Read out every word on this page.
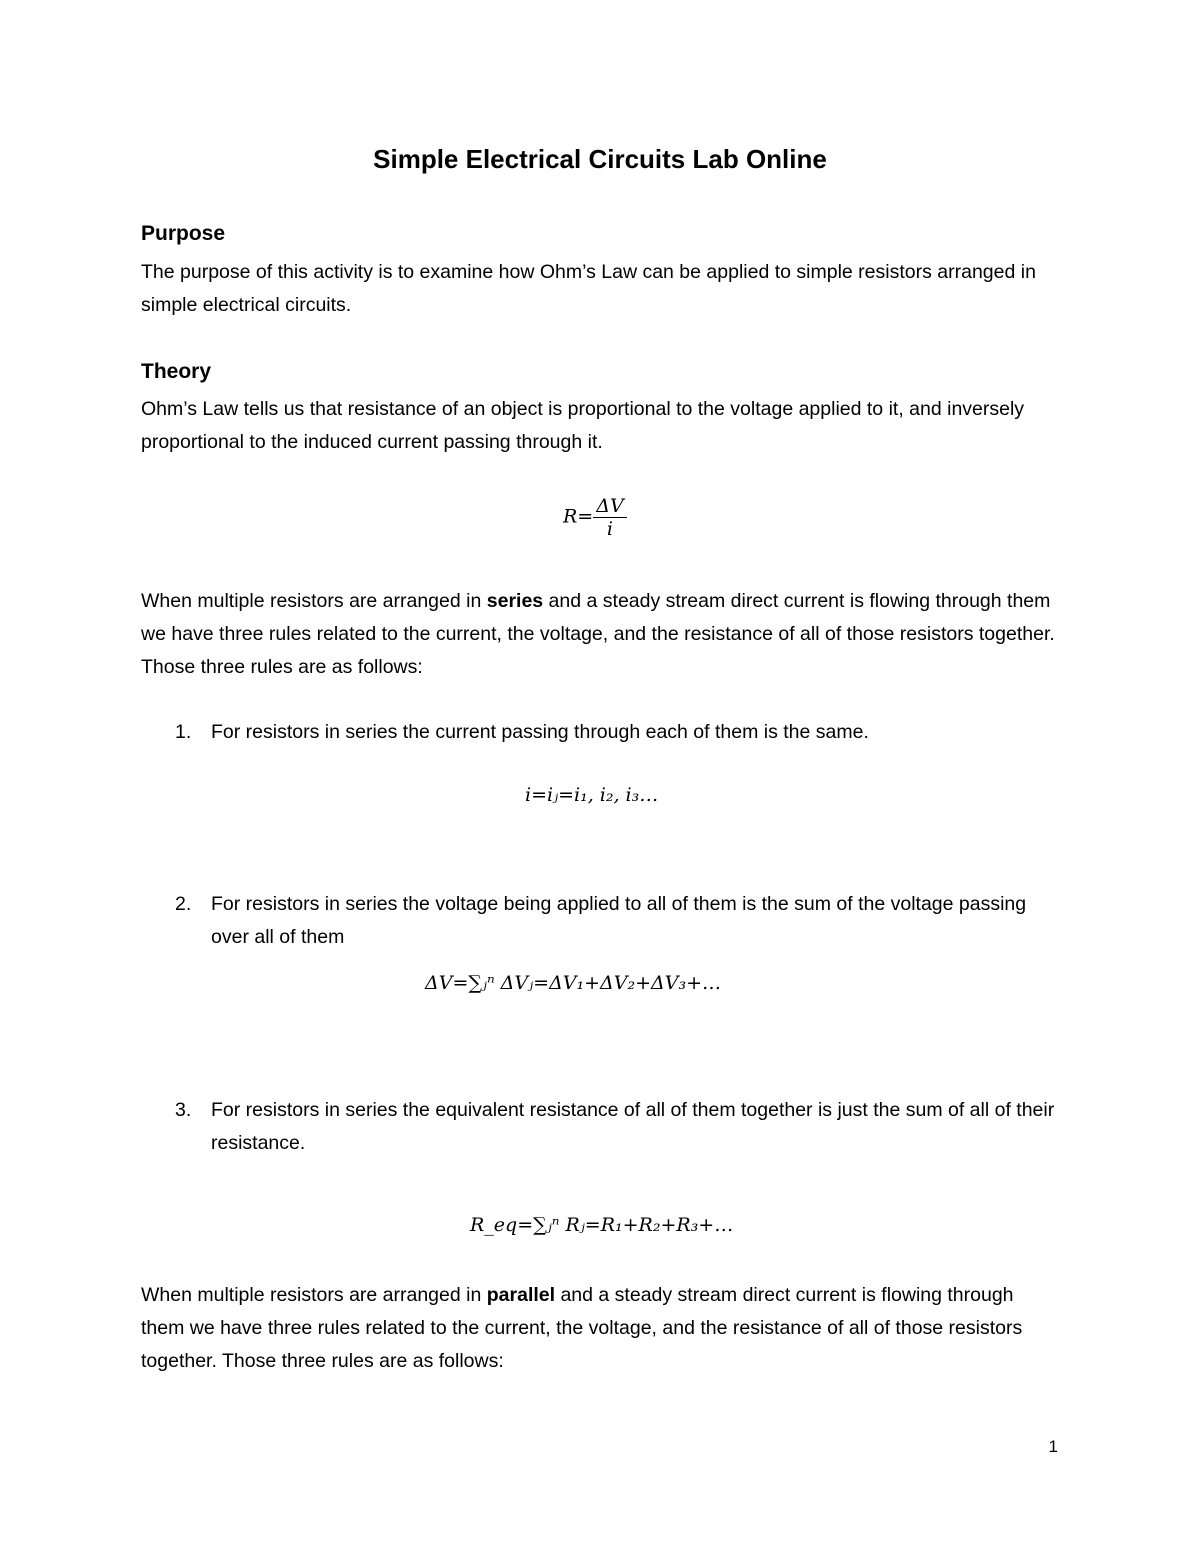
Simple Electrical Circuits Lab Online
Purpose
The purpose of this activity is to examine how Ohm’s Law can be applied to simple resistors arranged in simple electrical circuits.
Theory
Ohm’s Law tells us that resistance of an object is proportional to the voltage applied to it, and inversely proportional to the induced current passing through it.
$R= \frac{\Delta V}{i}$
When multiple resistors are arranged in series and a steady stream direct current is flowing through them we have three rules related to the current, the voltage, and the resistance of all of those resistors together. Those three rules are as follows:
1. For resistors in series the current passing through each of them is the same.
i=iⱼ=i₁, i₂, i₃…
2. For resistors in series the voltage being applied to all of them is the sum of the voltage passing over all of them
ΔV=∑ⱼⁿ ΔVⱼ=ΔV₁+ΔV₂+ΔV₃+…
3. For resistors in series the equivalent resistance of all of them together is just the sum of all of their resistance.
R_eq=∑ⱼⁿ Rⱼ=R₁+R₂+R₃+…
When multiple resistors are arranged in parallel and a steady stream direct current is flowing through them we have three rules related to the current, the voltage, and the resistance of all of those resistors together. Those three rules are as follows:
1
